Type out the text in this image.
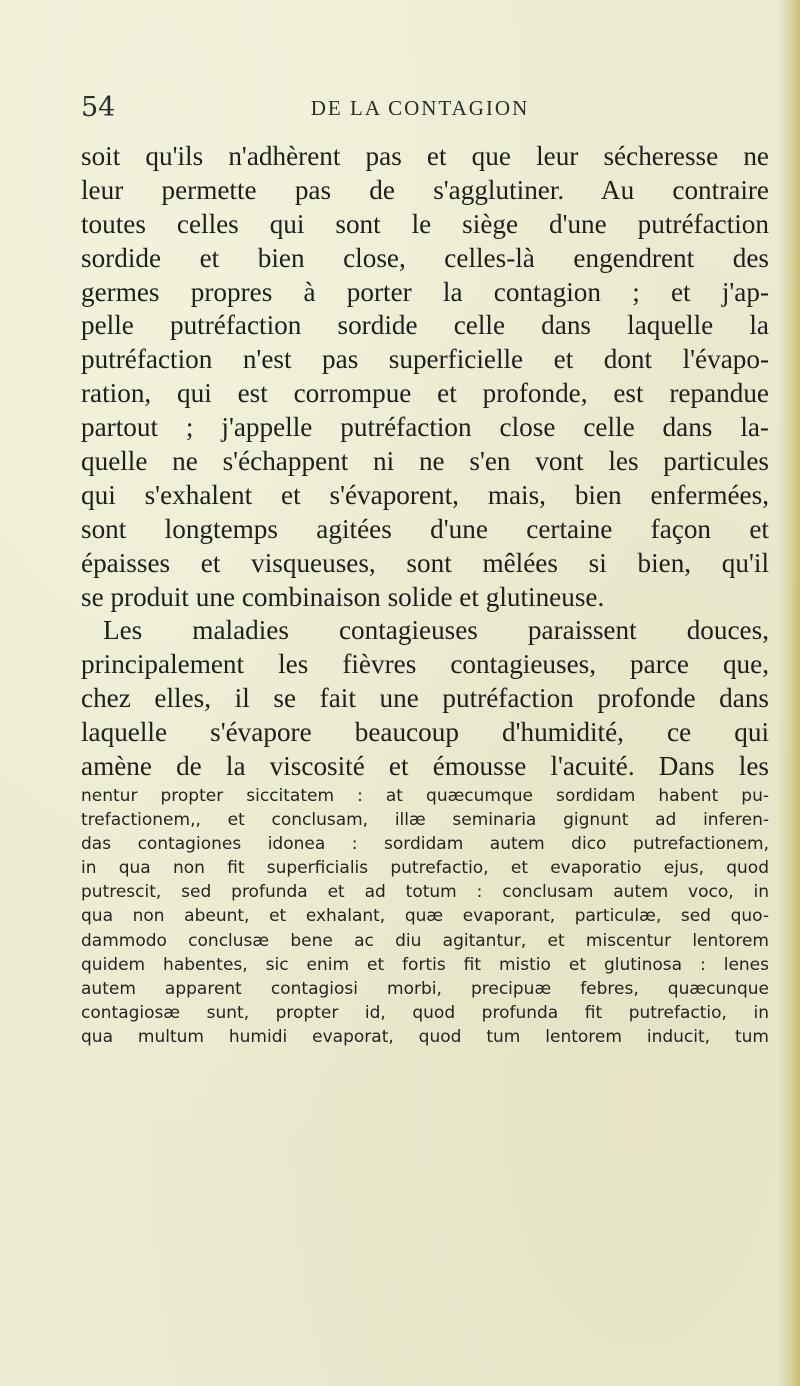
54	DE LA CONTAGION
soit qu'ils n'adhèrent pas et que leur sécheresse ne
leur permette pas de s'agglutiner. Au contraire
toutes celles qui sont le siège d'une putréfaction
sordide et bien close, celles-là engendrent des
germes propres à porter la contagion ; et j'ap-
pelle putréfaction sordide celle dans laquelle la
putréfaction n'est pas superficielle et dont l'évapo-
ration, qui est corrompue et profonde, est repandue
partout ; j'appelle putréfaction close celle dans la-
quelle ne s'échappent ni ne s'en vont les particules
qui s'exhalent et s'évaporent, mais, bien enfermées,
sont longtemps agitées d'une certaine façon et
épaisses et visqueuses, sont mêlées si bien, qu'il
se produit une combinaison solide et glutineuse.
Les maladies contagieuses paraissent douces,
principalement les fièvres contagieuses, parce que,
chez elles, il se fait une putréfaction profonde dans
laquelle s'évapore beaucoup d'humidité, ce qui
amène de la viscosité et émousse l'acuité. Dans les
nentur propter siccitatem : at quæcumque sordidam habent pu-
trefactionem,, et conclusam, illæ seminaria gignunt ad inferen-
das contagiones idonea : sordidam autem dico putrefactionem,
in qua non fit superficialis putrefactio, et evaporatio ejus, quod
putrescit, sed profunda et ad totum : conclusam autem voco, in
qua non abeunt, et exhalant, quæ evaporant, particulæ, sed quo-
dammodo conclusæ bene ac diu agitantur, et miscentur lentorem
quidem habentes, sic enim et fortis fit mistio et glutinosa : lenes
autem apparent contagiosi morbi, precipuæ febres, quæcunque
contagiosæ sunt, propter id, quod profunda fit putrefactio, in
qua multum humidi evaporat, quod tum lentorem inducit, tum
